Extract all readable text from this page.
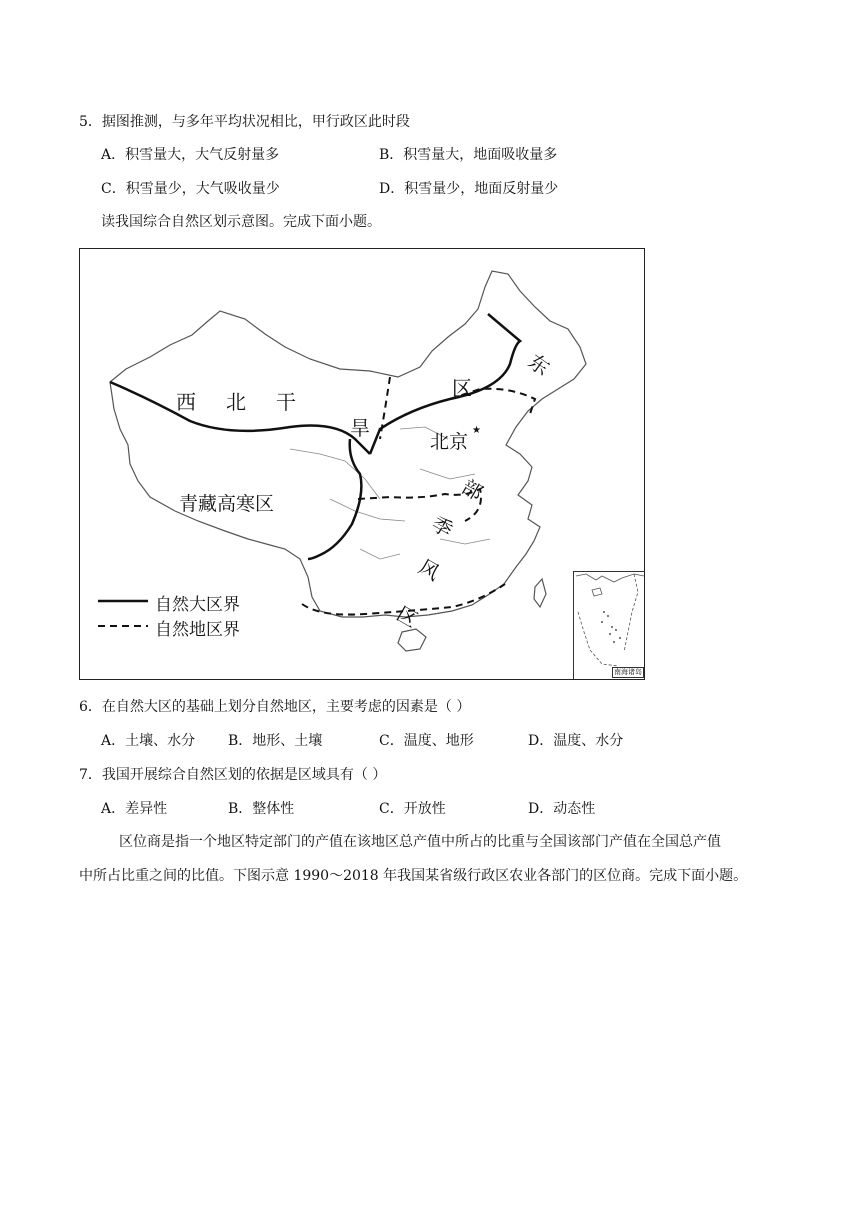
5．据图推测，与多年平均状况相比，甲行政区此时段
A．积雪量大，大气反射量多	B．积雪量大，地面吸收量多
C．积雪量少，大气吸收量少	D．积雪量少，地面反射量少
读我国综合自然区划示意图。完成下面小题。
西 北 干
旱
区
东
北京
★
部
季
风
区
青藏高寒区
自然大区界
自然地区界
南海诸岛
6．在自然大区的基础上划分自然地区，主要考虑的因素是（ ）
A．土壤、水分 B．地形、土壤	C．温度、地形	D．温度、水分
7．我国开展综合自然区划的依据是区域具有（ ）
A．差异性	B．整体性	C．开放性	D．动态性
区位商是指一个地区特定部门的产值在该地区总产值中所占的比重与全国该部门产值在全国总产值
中所占比重之间的比值。下图示意 1990～2018 年我国某省级行政区农业各部门的区位商。完成下面小题。
